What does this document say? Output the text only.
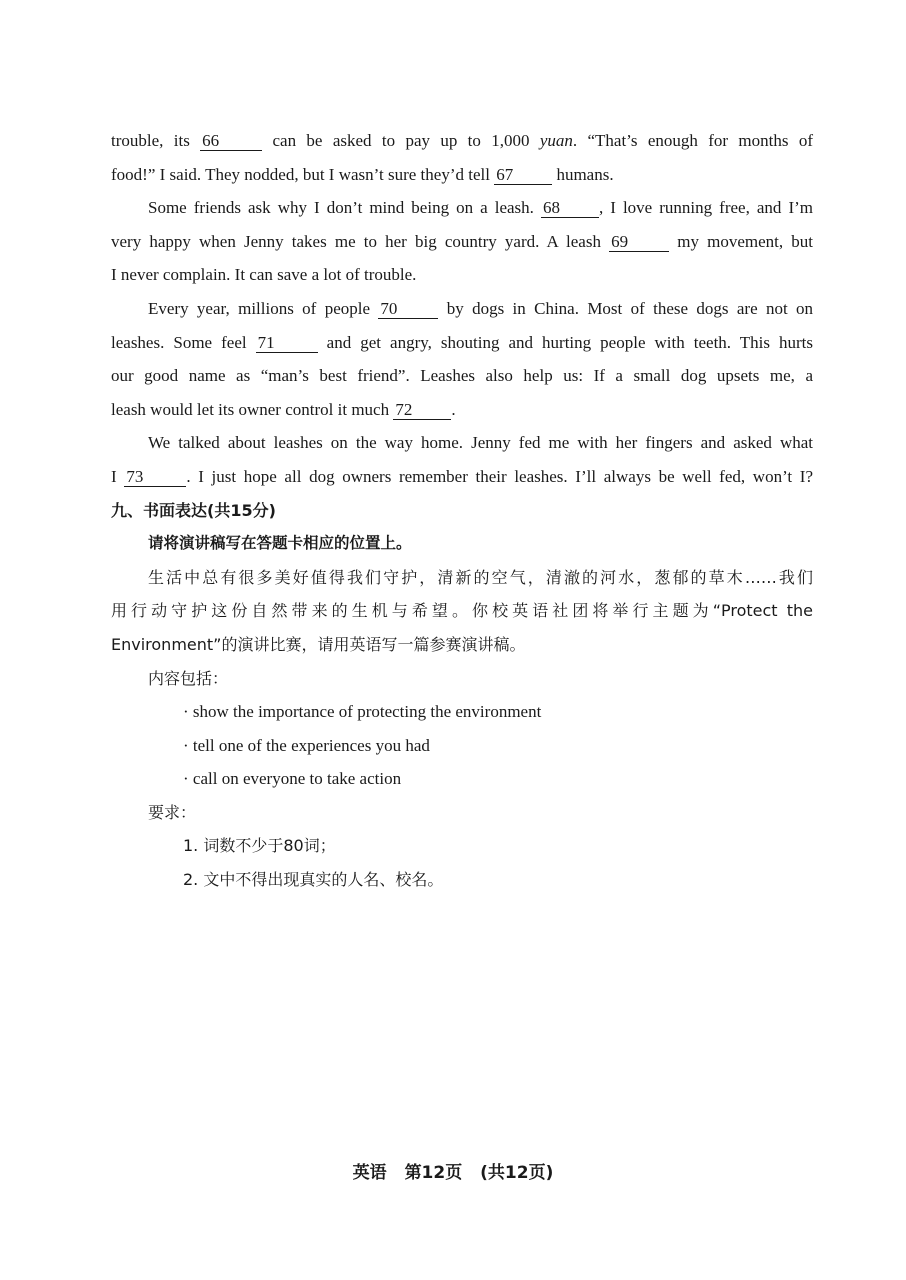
trouble, its 66	can be asked to pay up to 1,000 yuan. “That’s enough for months of
food!” I said. They nodded, but I wasn’t sure they’d tell 67	humans.
Some friends ask why I don’t mind being on a leash. 68 , I love running free, and I’m
very happy when Jenny takes me to her big country yard. A leash 69	my movement, but
I never complain. It can save a lot of trouble.
Every year, millions of people 70	by dogs in China. Most of these dogs are not on
leashes. Some feel 71	and get angry, shouting and hurting people with teeth. This hurts
our good name as “man’s best friend”. Leashes also help us: If a small dog upsets me, a
leash would let its owner control it much 72 .
We talked about leashes on the way home. Jenny fed me with her fingers and asked what
I 73	. I just hope all dog owners remember their leashes. I’ll always be well fed, won’t I?
九、书面表达(共15分)
请将演讲稿写在答题卡相应的位置上。
生活中总有很多美好值得我们守护，清新的空气，清澈的河水，葱郁的草木……我们
用行动守护这份自然带来的生机与希望。你校英语社团将举行主题为“Protect the
Environment”的演讲比赛，请用英语写一篇参赛演讲稿。
内容包括：
· show the importance of protecting the environment
· tell one of the experiences you had
· call on everyone to take action
要求：
1. 词数不少于80词；
2. 文中不得出现真实的人名、校名。
英语 第12页 (共12页)
